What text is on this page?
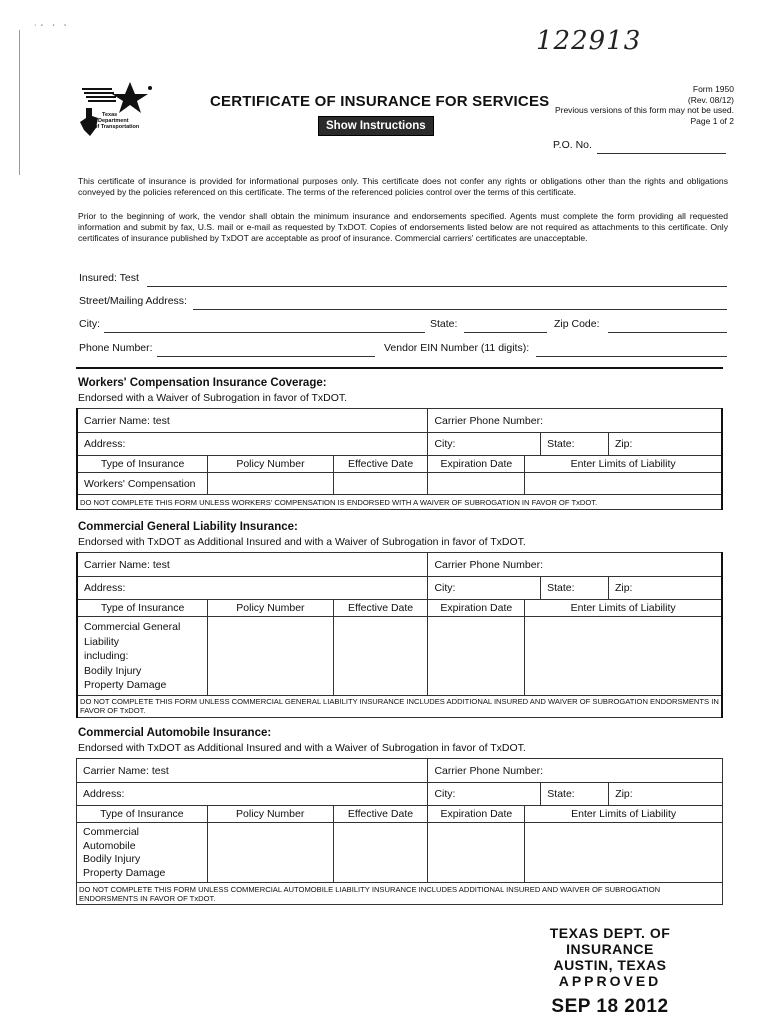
˙ ˊ   ˊ   ˋ	122913
Texas
Department
of Transportation
CERTIFICATE OF INSURANCE FOR SERVICES
Show Instructions
Form 1950
(Rev. 08/12)
Previous versions of this form may not be used.
Page 1 of 2
P.O. No.
This certificate of insurance is provided for informational purposes only. This certificate does not confer any rights or obligations other than the rights and obligations conveyed by the policies referenced on this certificate. The terms of the referenced policies control over the terms of this certificate.
Prior to the beginning of work, the vendor shall obtain the minimum insurance and endorsements specified. Agents must complete the form providing all requested information and submit by fax, U.S. mail or e-mail as requested by TxDOT. Copies of endorsements listed below are not required as attachments to this certificate. Only certificates of insurance published by TxDOT are acceptable as proof of insurance. Commercial carriers' certificates are unacceptable.
Insured: Test
Street/Mailing Address:
City:	State:	Zip Code:
Phone Number:	Vendor EIN Number (11 digits):
Workers' Compensation Insurance Coverage:
Endorsed with a Waiver of Subrogation in favor of TxDOT.
Carrier Name: test			Carrier Phone Number:			
Address:			City:		State:	Zip:
Type of Insurance	Policy Number	Effective Date	Expiration Date	Enter Limits of Liability		
Workers' Compensation						
DO NOT COMPLETE THIS FORM UNLESS WORKERS' COMPENSATION IS ENDORSED WITH A WAIVER OF SUBROGATION IN FAVOR OF TxDOT.						
Commercial General Liability Insurance:
Endorsed with TxDOT as Additional Insured and with a Waiver of Subrogation in favor of TxDOT.
Carrier Name: test			Carrier Phone Number:			
Address:			City:		State:	Zip:
Type of Insurance	Policy Number	Effective Date	Expiration Date	Enter Limits of Liability		

Commercial General
Liability
including:
Bodily Injury
Property Damage						

DO NOT COMPLETE THIS FORM UNLESS COMMERCIAL GENERAL LIABILITY INSURANCE INCLUDES ADDITIONAL INSURED AND WAIVER OF SUBROGATION ENDORSMENTS IN FAVOR OF TxDOT.						
Commercial Automobile Insurance:
Endorsed with TxDOT as Additional Insured and with a Waiver of Subrogation in favor of TxDOT.
Carrier Name: test			Carrier Phone Number:			
Address:			City:		State:	Zip:
Type of Insurance	Policy Number	Effective Date	Expiration Date	Enter Limits of Liability		

Commercial
Automobile
Bodily Injury
Property Damage						

DO NOT COMPLETE THIS FORM UNLESS COMMERCIAL AUTOMOBILE LIABILITY INSURANCE INCLUDES ADDITIONAL INSURED AND WAIVER OF SUBROGATION ENDORSMENTS IN FAVOR OF TxDOT.						
TEXAS DEPT. OF INSURANCE
AUSTIN, TEXAS
APPROVED
SEP 18 2012
